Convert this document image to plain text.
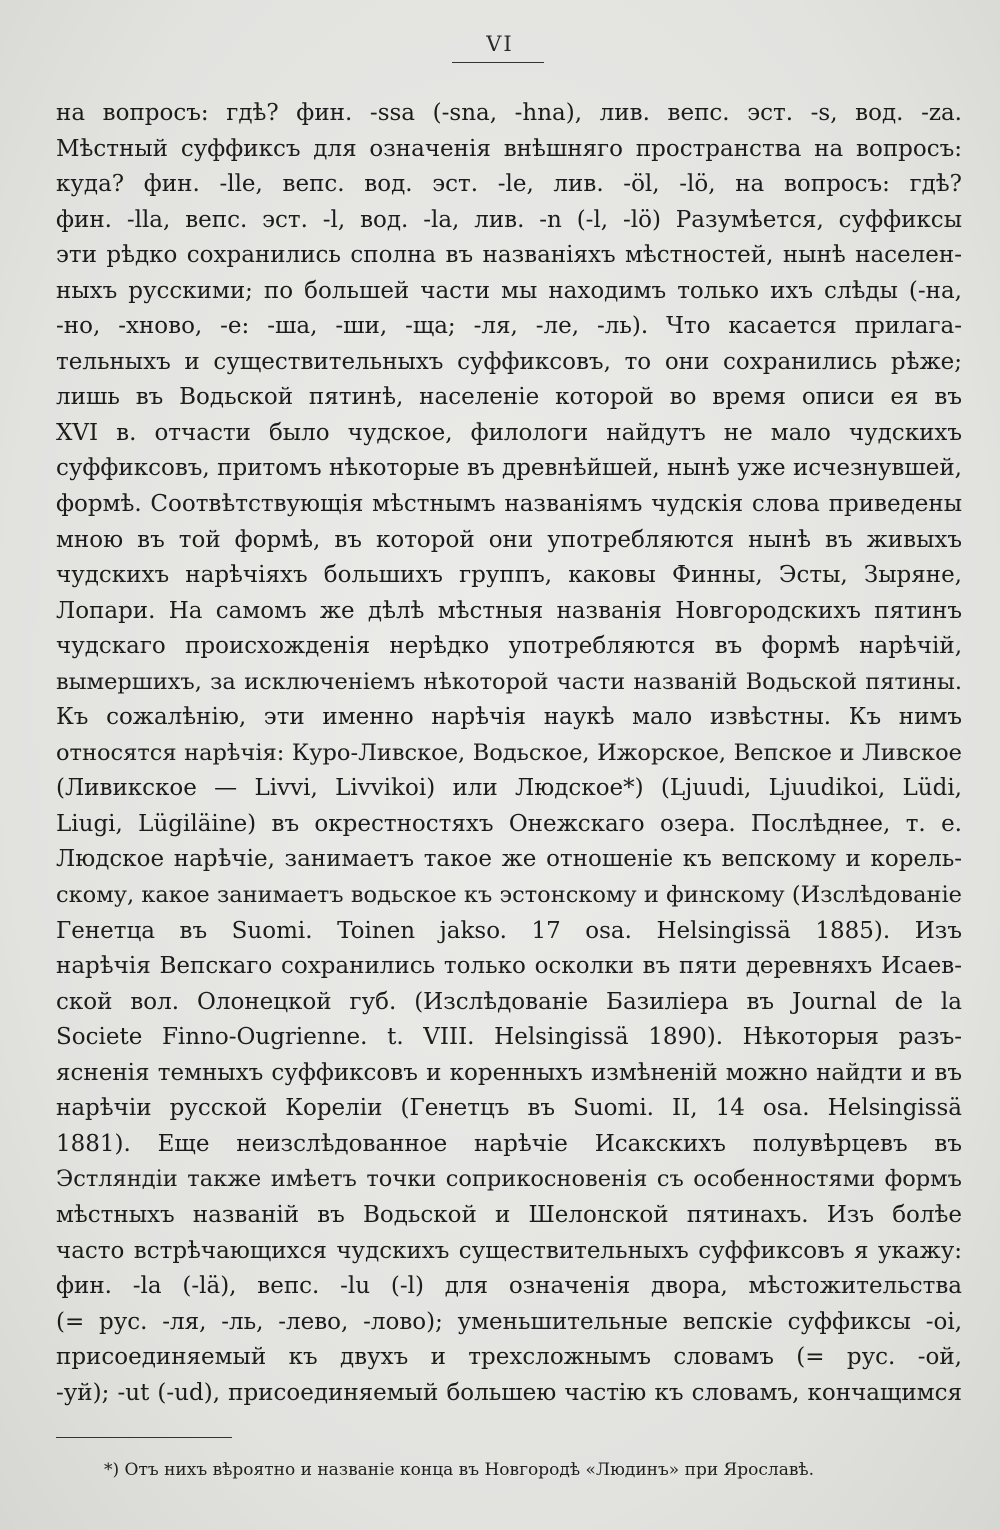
VI
на вопросъ: гдѣ? фин. -ssa (-sna, -hna), лив. вепс. эст. -s, вод. -za.
Мѣстный суффиксъ для означенія внѣшняго пространства на вопросъ:
куда? фин. -lle, вепс. вод. эст. -le, лив. -öl, -lö, на вопросъ: гдѣ?
фин. -lla, вепс. эст. -l, вод. -la, лив. -n (-l, -lö) Разумѣется, суффиксы
эти рѣдко сохранились сполна въ названіяхъ мѣстностей, нынѣ населен-
ныхъ русскими; по большей части мы находимъ только ихъ слѣды (-на,
-но, -хново, -е: -ша, -ши, -ща; -ля, -ле, -ль). Что касается прилага-
тельныхъ и существительныхъ суффиксовъ, то они сохранились рѣже;
лишь въ Водьской пятинѣ, населеніе которой во время описи ея въ
XVI в. отчасти было чудское, филологи найдутъ не мало чудскихъ
суффиксовъ, притомъ нѣкоторые въ древнѣйшей, нынѣ уже исчезнувшей,
формѣ. Соотвѣтствующія мѣстнымъ названіямъ чудскія слова приведены
мною въ той формѣ, въ которой они употребляются нынѣ въ живыхъ
чудскихъ нарѣчіяхъ большихъ группъ, каковы Финны, Эсты, Зыряне,
Лопари. На самомъ же дѣлѣ мѣстныя названія Новгородскихъ пятинъ
чудскаго происхожденія нерѣдко употребляются въ формѣ нарѣчій,
вымершихъ, за исключеніемъ нѣкоторой части названій Водьской пятины.
Къ сожалѣнію, эти именно нарѣчія наукѣ мало извѣстны. Къ нимъ
относятся нарѣчія: Куро-Ливское, Водьское, Ижорское, Вепское и Ливское
(Ливикское — Livvi, Livvikoi) или Людское*) (Ljuudi, Ljuudikoi, Lüdi,
Liugi, Lügiläine) въ окрестностяхъ Онежскаго озера. Послѣднее, т. е.
Людское нарѣчіе, занимаетъ такое же отношеніе къ вепскому и корель-
скому, какое занимаетъ водьское къ эстонскому и финскому (Изслѣдованіе
Генетца въ Suomi. Toinen jakso. 17 osa. Helsingissä 1885). Изъ
нарѣчія Вепскаго сохранились только осколки въ пяти деревняхъ Исаев-
ской вол. Олонецкой губ. (Изслѣдованіе Базиліера въ Journal de la
Societe Finno-Ougrienne. t. VIII. Helsingissä 1890). Нѣкоторыя разъ-
ясненія темныхъ суффиксовъ и коренныхъ измѣненій можно найдти и въ
нарѣчіи русской Кореліи (Генетцъ въ Suomi. II, 14 osa. Helsingissä
1881). Еще неизслѣдованное нарѣчіе Исакскихъ полувѣрцевъ въ
Эстляндіи также имѣетъ точки соприкосновенія съ особенностями формъ
мѣстныхъ названій въ Водьской и Шелонской пятинахъ. Изъ болѣе
часто встрѣчающихся чудскихъ существительныхъ суффиксовъ я укажу:
фин. -la (-lä), вепс. -lu (-l) для означенія двора, мѣстожительства
(= рус. -ля, -ль, -лево, -лово); уменьшительные вепскіе суффиксы -oi,
присоединяемый къ двухъ и трехсложнымъ словамъ (= рус. -ой,
-уй); -ut (-ud), присоединяемый большею частію къ словамъ, кончащимся
*) Отъ нихъ вѣроятно и названіе конца въ Новгородѣ «Людинъ» при Ярославѣ.
